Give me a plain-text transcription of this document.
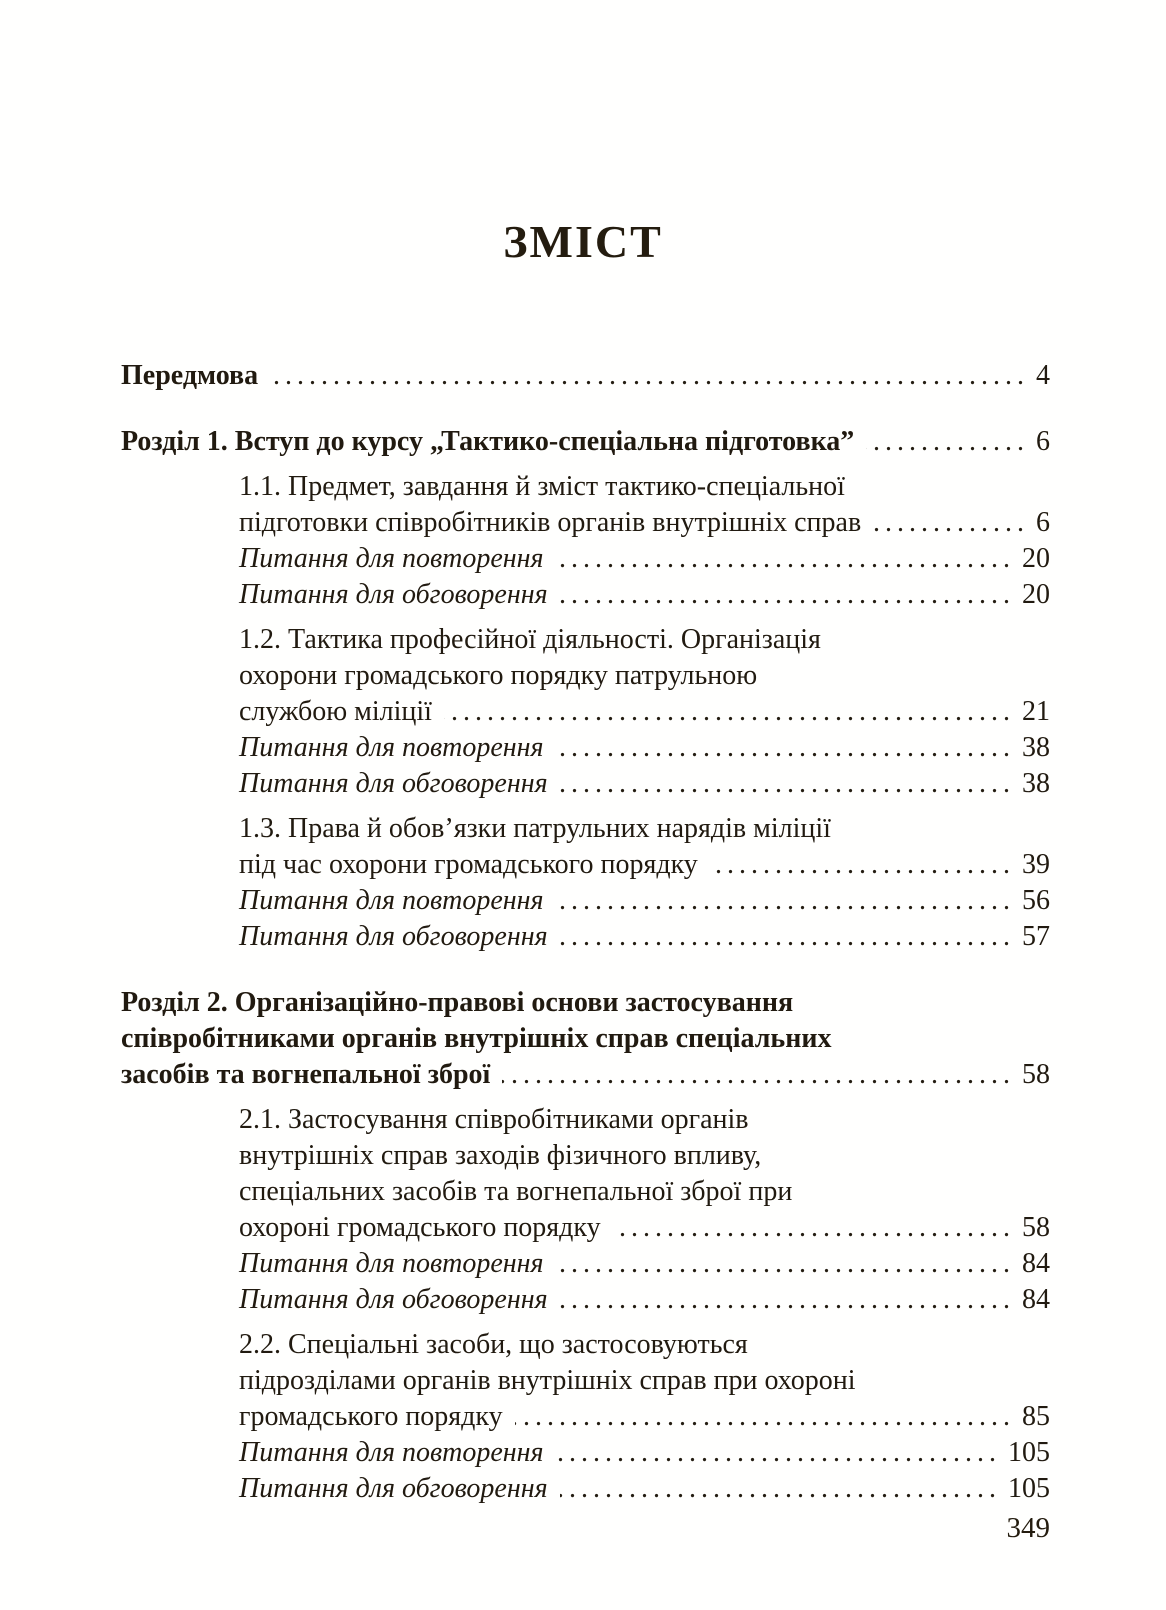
ЗМІСТ
Передмова .....	4
Розділ 1. Вступ до курсу „Тактико-спеціальна підготовка” .....	6
1.1. Предмет, завдання й зміст тактико-спеціальної
підготовки співробітників органів внутрішніх справ .....	6
Питання для повторення .....	20
Питання для обговорення .....	20
1.2. Тактика професійної діяльності. Організація
охорони громадського порядку патрульною
службою міліції .....	21
Питання для повторення .....	38
Питання для обговорення .....	38
1.3. Права й обов’язки патрульних нарядів міліції
під час охорони громадського порядку .....	39
Питання для повторення .....	56
Питання для обговорення .....	57
Розділ 2. Організаційно-правові основи застосування
співробітниками органів внутрішніх справ спеціальних
засобів та вогнепальної зброї .....	58
2.1. Застосування співробітниками органів
внутрішніх справ заходів фізичного впливу,
спеціальних засобів та вогнепальної зброї при
охороні громадського порядку .....	58
Питання для повторення .....	84
Питання для обговорення .....	84
2.2. Спеціальні засоби, що застосовуються
підрозділами органів внутрішніх справ при охороні
громадського порядку .....	85
Питання для повторення .....	105
Питання для обговорення .....	105
349
